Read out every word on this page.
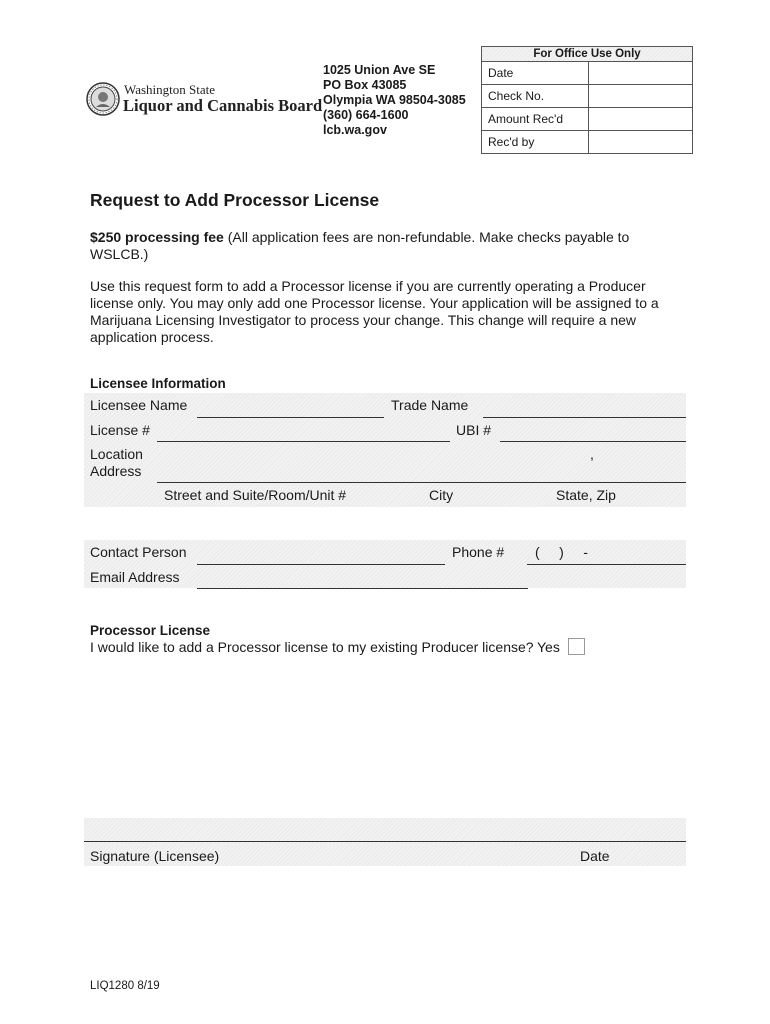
Washington State
Liquor and Cannabis Board
1025 Union Ave SE
PO Box 43085
Olympia WA 98504-3085
(360) 664-1600
lcb.wa.gov
For Office Use Only
Date
Check No.
Amount Rec'd
Rec'd by
Request to Add Processor License
$250 processing fee (All application fees are non-refundable. Make checks payable to WSLCB.)
Use this request form to add a Processor license if you are currently operating a Producer license only. You may only add one Processor license. Your application will be assigned to a Marijuana Licensing Investigator to process your change. This change will require a new application process.
Licensee Information
Licensee Name	Trade Name
License #	UBI #
Location
Address
,
Street and Suite/Room/Unit #	City	State, Zip
Contact Person	Phone # (     )     -
Email Address
Processor License
I would like to add a Processor license to my existing Producer license? Yes
Signature (Licensee)	Date
LIQ1280 8/19
